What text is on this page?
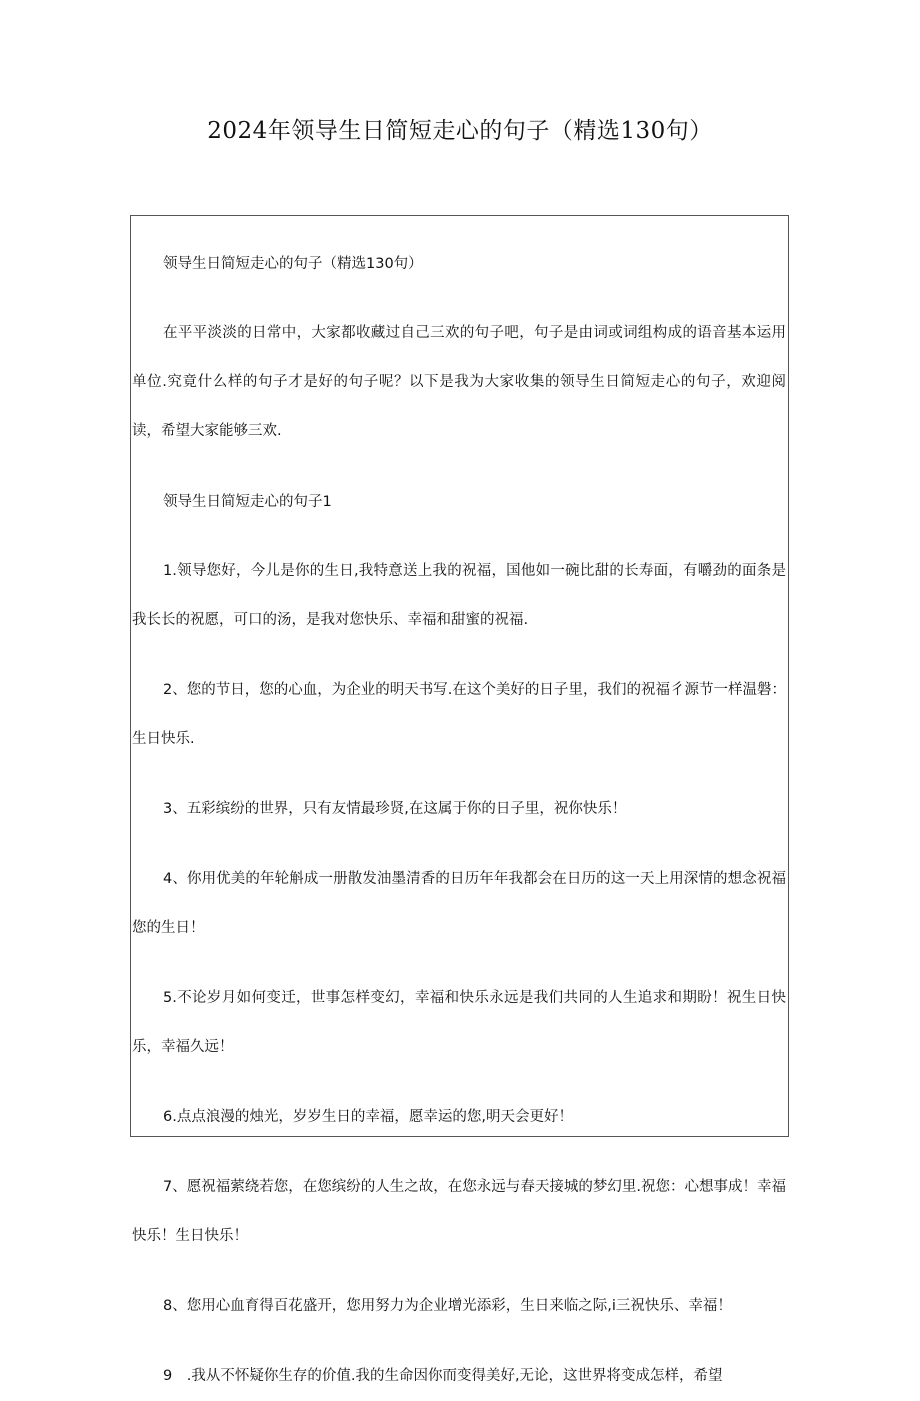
2024年领导生日简短走心的句子（精选130句）

领导生日简短走心的句子（精选130句）

在平平淡淡的日常中，大家都收藏过自己三欢的句子吧，句子是由词或词组构成的语音基本运用单位.究竟什么样的句子才是好的句子呢？以下是我为大家收集的领导生日简短走心的句子，欢迎阅读，希望大家能够三欢.

领导生日简短走心的句子1

1.领导您好，今儿是你的生日,我特意送上我的祝福，国他如一碗比甜的长寿面，有嚼劲的面条是我长长的祝愿，可口的汤，是我对您快乐、幸福和甜蜜的祝福.

2、您的节日，您的心血，为企业的明天书写.在这个美好的日子里，我们的祝福彳源节一样温磐：生日快乐.

3、五彩缤纷的世界，只有友情最珍贤,在这属于你的日子里，祝你快乐！

4、你用优美的年轮斛成一册散发油墨清香的日历年年我都会在日历的这一天上用深情的想念祝福您的生日！

5.不论岁月如何变迁，世事怎样变幻，幸福和快乐永远是我们共同的人生追求和期盼！祝生日快乐，幸福久远！

6.点点浪漫的烛光，岁岁生日的幸福，愿幸运的您,明天会更好！

7、愿祝福萦绕若您，在您缤纷的人生之故，在您永远与春天接城的梦幻里.祝您：心想事成！幸福快乐！生日快乐！

8、您用心血育得百花盛开，您用努力为企业增光添彩，生日来临之际,i三祝快乐、幸福！

9　.我从不怀疑你生存的价值.我的生命因你而变得美好,无论，这世界将变成怎样，希望
